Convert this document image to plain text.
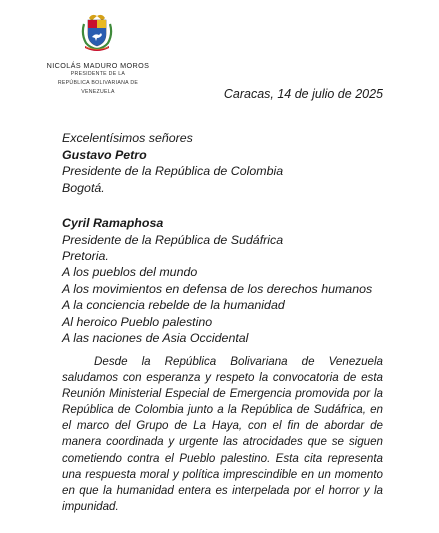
NICOLÁS MADURO MOROS
PRESIDENTE DE LA
REPÚBLICA BOLIVARIANA DE VENEZUELA	Caracas, 14 de julio de 2025
Excelentísimos señores
Gustavo Petro
Presidente de la República de Colombia
Bogotá.
Cyril Ramaphosa
Presidente de la República de Sudáfrica
Pretoria.
A los pueblos del mundo
A los movimientos en defensa de los derechos humanos
A la conciencia rebelde de la humanidad
Al heroico Pueblo palestino
A las naciones de Asia Occidental

Desde la República Bolivariana de Venezuela saludamos con esperanza y respeto la convocatoria de esta Reunión Ministerial Especial de Emergencia promovida por la República de Colombia junto a la República de Sudáfrica, en el marco del Grupo de La Haya, con el fin de abordar de manera coordinada y urgente las atrocidades que se siguen cometiendo contra el Pueblo palestino. Esta cita representa una respuesta moral y política imprescindible en un momento en que la humanidad entera es interpelada por el horror y la impunidad.
